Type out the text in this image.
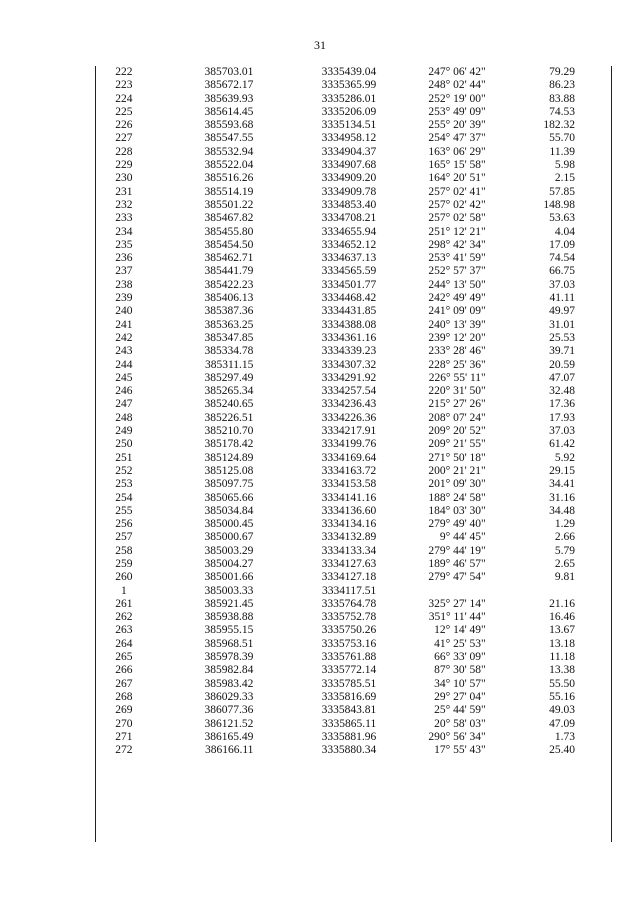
31
222	385703.01	3335439.04	247° 06' 42"	79.29
223	385672.17	3335365.99	248° 02' 44"	86.23
224	385639.93	3335286.01	252° 19' 00"	83.88
225	385614.45	3335206.09	253° 49' 09"	74.53
226	385593.68	3335134.51	255° 20' 39"	182.32
227	385547.55	3334958.12	254° 47' 37"	55.70
228	385532.94	3334904.37	163° 06' 29"	11.39
229	385522.04	3334907.68	165° 15' 58"	5.98
230	385516.26	3334909.20	164° 20' 51"	2.15
231	385514.19	3334909.78	257° 02' 41"	57.85
232	385501.22	3334853.40	257° 02' 42"	148.98
233	385467.82	3334708.21	257° 02' 58"	53.63
234	385455.80	3334655.94	251° 12' 21"	4.04
235	385454.50	3334652.12	298° 42' 34"	17.09
236	385462.71	3334637.13	253° 41' 59"	74.54
237	385441.79	3334565.59	252° 57' 37"	66.75
238	385422.23	3334501.77	244° 13' 50"	37.03
239	385406.13	3334468.42	242° 49' 49"	41.11
240	385387.36	3334431.85	241° 09' 09"	49.97
241	385363.25	3334388.08	240° 13' 39"	31.01
242	385347.85	3334361.16	239° 12' 20"	25.53
243	385334.78	3334339.23	233° 28' 46"	39.71
244	385311.15	3334307.32	228° 25' 36"	20.59
245	385297.49	3334291.92	226° 55' 11"	47.07
246	385265.34	3334257.54	220° 31' 50"	32.48
247	385240.65	3334236.43	215° 27' 26"	17.36
248	385226.51	3334226.36	208° 07' 24"	17.93
249	385210.70	3334217.91	209° 20' 52"	37.03
250	385178.42	3334199.76	209° 21' 55"	61.42
251	385124.89	3334169.64	271° 50' 18"	5.92
252	385125.08	3334163.72	200° 21' 21"	29.15
253	385097.75	3334153.58	201° 09' 30"	34.41
254	385065.66	3334141.16	188° 24' 58"	31.16
255	385034.84	3334136.60	184° 03' 30"	34.48
256	385000.45	3334134.16	279° 49' 40"	1.29
257	385000.67	3334132.89	9° 44' 45"	2.66
258	385003.29	3334133.34	279° 44' 19"	5.79
259	385004.27	3334127.63	189° 46' 57"	2.65
260	385001.66	3334127.18	279° 47' 54"	9.81
1	385003.33	3334117.51		
261	385921.45	3335764.78	325° 27' 14"	21.16
262	385938.88	3335752.78	351° 11' 44"	16.46
263	385955.15	3335750.26	12° 14' 49"	13.67
264	385968.51	3335753.16	41° 25' 53"	13.18
265	385978.39	3335761.88	66° 33' 09"	11.18
266	385982.84	3335772.14	87° 30' 58"	13.38
267	385983.42	3335785.51	34° 10' 57"	55.50
268	386029.33	3335816.69	29° 27' 04"	55.16
269	386077.36	3335843.81	25° 44' 59"	49.03
270	386121.52	3335865.11	20° 58' 03"	47.09
271	386165.49	3335881.96	290° 56' 34"	1.73
272	386166.11	3335880.34	17° 55' 43"	25.40
